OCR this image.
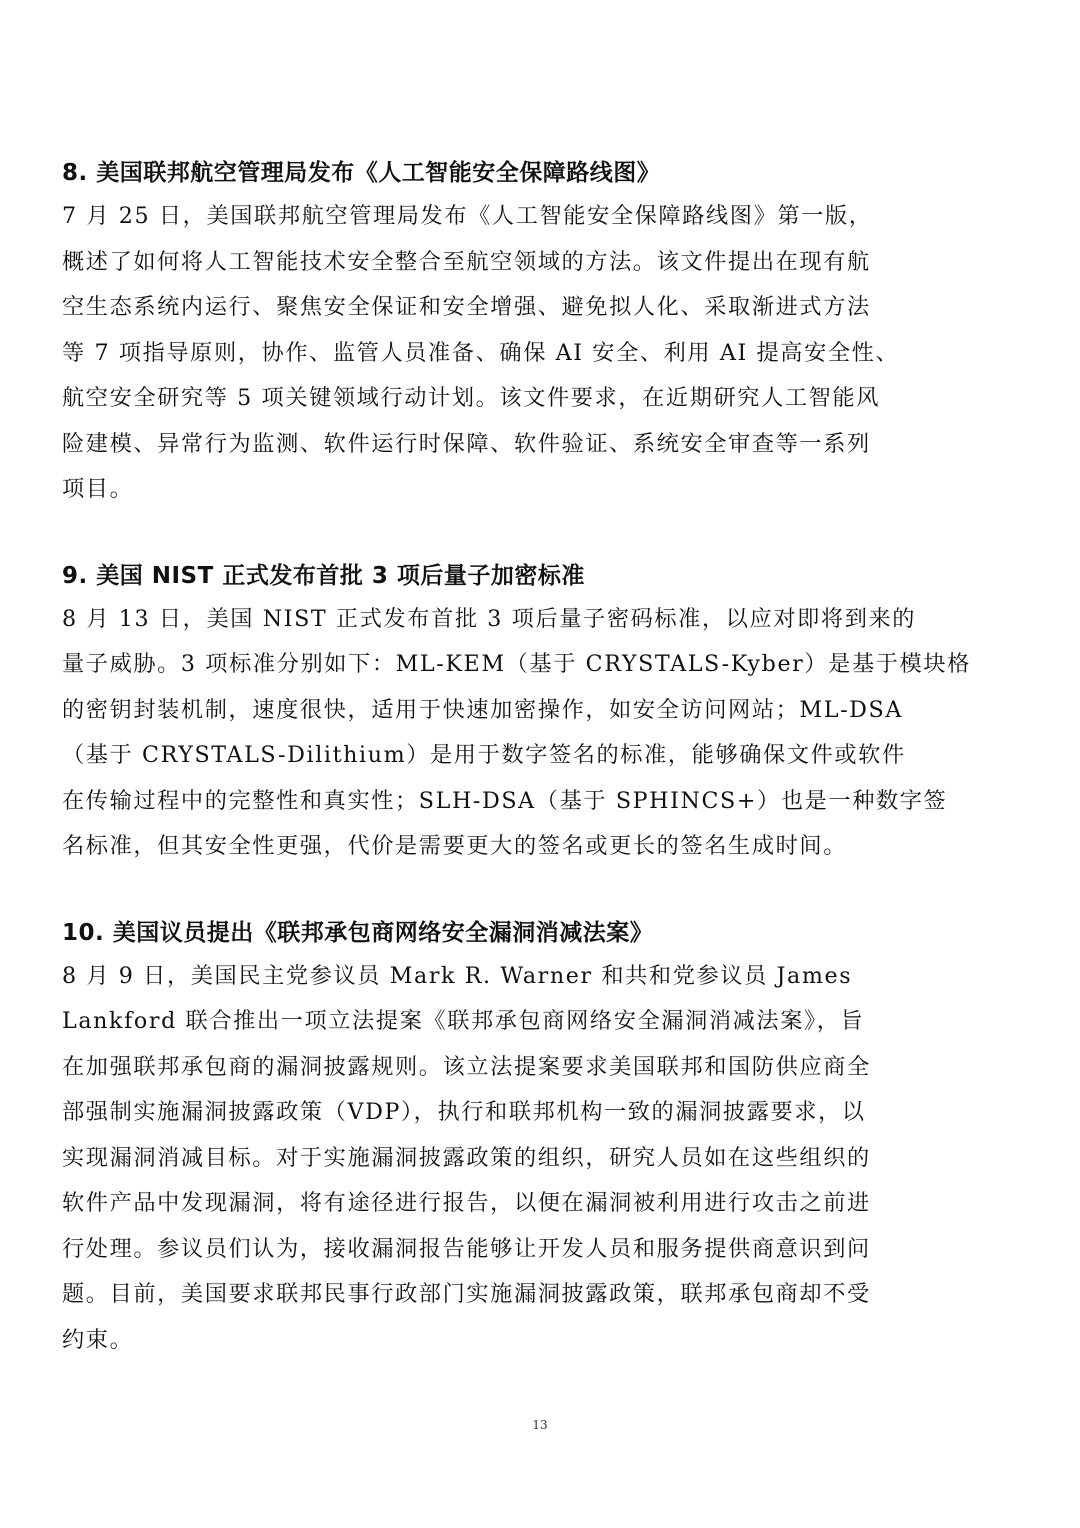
8. 美国联邦航空管理局发布《人工智能安全保障路线图》
7 月 25 日，美国联邦航空管理局发布《人工智能安全保障路线图》第一版，
概述了如何将人工智能技术安全整合至航空领域的方法。该文件提出在现有航
空生态系统内运行、聚焦安全保证和安全增强、避免拟人化、采取渐进式方法
等 7 项指导原则，协作、监管人员准备、确保 AI 安全、利用 AI 提高安全性、
航空安全研究等 5 项关键领域行动计划。该文件要求，在近期研究人工智能风
险建模、异常行为监测、软件运行时保障、软件验证、系统安全审查等一系列
项目。
9. 美国 NIST 正式发布首批 3 项后量子加密标准
8 月 13 日，美国 NIST 正式发布首批 3 项后量子密码标准，以应对即将到来的
量子威胁。3 项标准分别如下：ML-KEM（基于 CRYSTALS-Kyber）是基于模块格
的密钥封装机制，速度很快，适用于快速加密操作，如安全访问网站；ML-DSA
（基于 CRYSTALS-Dilithium）是用于数字签名的标准，能够确保文件或软件
在传输过程中的完整性和真实性；SLH-DSA（基于 SPHINCS+）也是一种数字签
名标准，但其安全性更强，代价是需要更大的签名或更长的签名生成时间。
10. 美国议员提出《联邦承包商网络安全漏洞消减法案》
8 月 9 日，美国民主党参议员 Mark R. Warner 和共和党参议员 James
Lankford 联合推出一项立法提案《联邦承包商网络安全漏洞消减法案》，旨
在加强联邦承包商的漏洞披露规则。该立法提案要求美国联邦和国防供应商全
部强制实施漏洞披露政策（VDP），执行和联邦机构一致的漏洞披露要求，以
实现漏洞消减目标。对于实施漏洞披露政策的组织，研究人员如在这些组织的
软件产品中发现漏洞，将有途径进行报告，以便在漏洞被利用进行攻击之前进
行处理。参议员们认为，接收漏洞报告能够让开发人员和服务提供商意识到问
题。目前，美国要求联邦民事行政部门实施漏洞披露政策，联邦承包商却不受
约束。
13
